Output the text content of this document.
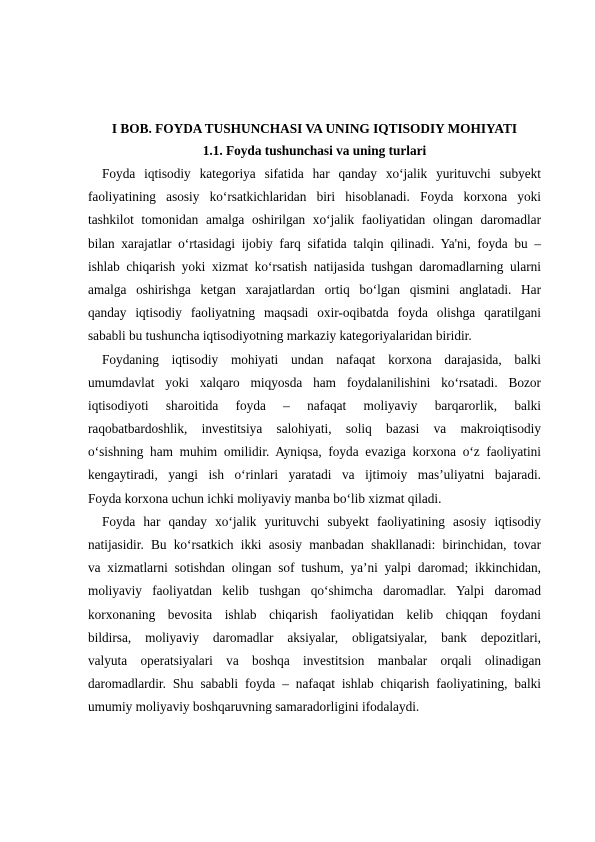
I BOB. FOYDA TUSHUNCHASI VA UNING IQTISODIY MOHIYATI
1.1. Foyda tushunchasi va uning turlari
Foyda iqtisodiy kategoriya sifatida har qanday xo‘jalik yurituvchi subyekt
faoliyatining asosiy ko‘rsatkichlaridan biri hisoblanadi. Foyda korxona yoki
tashkilot tomonidan amalga oshirilgan xo‘jalik faoliyatidan olingan daromadlar
bilan xarajatlar o‘rtasidagi ijobiy farq sifatida talqin qilinadi. Ya'ni, foyda bu –
ishlab chiqarish yoki xizmat ko‘rsatish natijasida tushgan daromadlarning ularni
amalga oshirishga ketgan xarajatlardan ortiq bo‘lgan qismini anglatadi. Har
qanday iqtisodiy faoliyatning maqsadi oxir-oqibatda foyda olishga qaratilgani
sababli bu tushuncha iqtisodiyotning markaziy kategoriyalaridan biridir.
Foydaning iqtisodiy mohiyati undan nafaqat korxona darajasida, balki
umumdavlat yoki xalqaro miqyosda ham foydalanilishini ko‘rsatadi. Bozor
iqtisodiyoti sharoitida foyda – nafaqat moliyaviy barqarorlik, balki
raqobatbardoshlik, investitsiya salohiyati, soliq bazasi va makroiqtisodiy
o‘sishning ham muhim omilidir. Ayniqsa, foyda evaziga korxona o‘z faoliyatini
kengaytiradi, yangi ish o‘rinlari yaratadi va ijtimoiy mas’uliyatni bajaradi.
Foyda korxona uchun ichki moliyaviy manba bo‘lib xizmat qiladi.
Foyda har qanday xo‘jalik yurituvchi subyekt faoliyatining asosiy iqtisodiy
natijasidir. Bu ko‘rsatkich ikki asosiy manbadan shakllanadi: birinchidan, tovar
va xizmatlarni sotishdan olingan sof tushum, ya’ni yalpi daromad; ikkinchidan,
moliyaviy faoliyatdan kelib tushgan qo‘shimcha daromadlar. Yalpi daromad
korxonaning bevosita ishlab chiqarish faoliyatidan kelib chiqqan foydani
bildirsa, moliyaviy daromadlar aksiyalar, obligatsiyalar, bank depozitlari,
valyuta operatsiyalari va boshqa investitsion manbalar orqali olinadigan
daromadlardir. Shu sababli foyda – nafaqat ishlab chiqarish faoliyatining, balki
umumiy moliyaviy boshqaruvning samaradorligini ifodalaydi.
